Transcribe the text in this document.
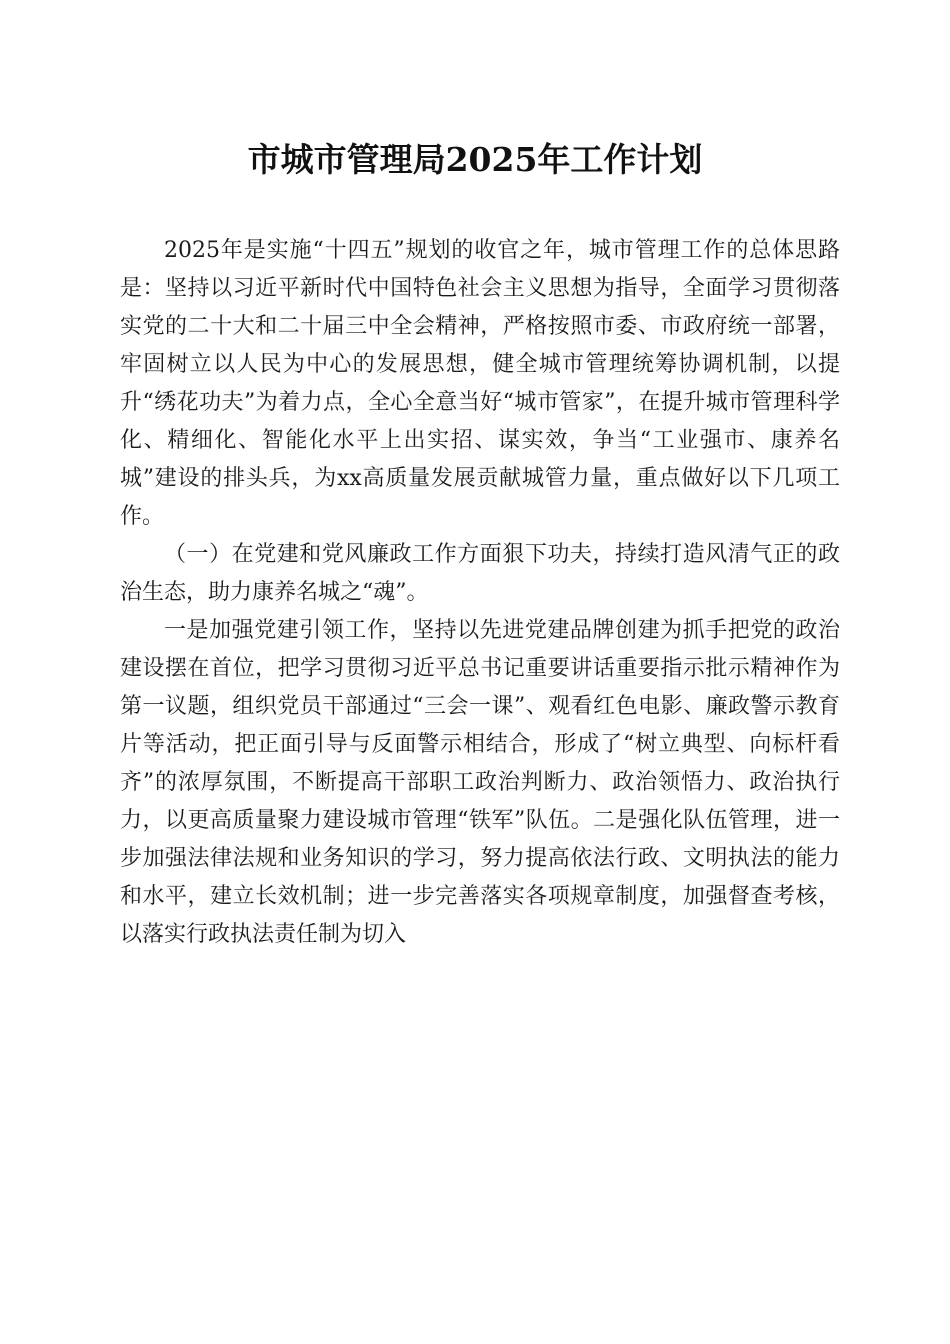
市城市管理局2025年工作计划

2025年是实施“十四五”规划的收官之年，城市管理工作的总体思路是：坚持以习近平新时代中国特色社会主义思想为指导，全面学习贯彻落实党的二十大和二十届三中全会精神，严格按照市委、市政府统一部署，牢固树立以人民为中心的发展思想，健全城市管理统筹协调机制，以提升“绣花功夫”为着力点，全心全意当好“城市管家”，在提升城市管理科学化、精细化、智能化水平上出实招、谋实效，争当“工业强市、康养名城”建设的排头兵，为xx高质量发展贡献城管力量，重点做好以下几项工作。

（一）在党建和党风廉政工作方面狠下功夫，持续打造风清气正的政治生态，助力康养名城之“魂”。

一是加强党建引领工作，坚持以先进党建品牌创建为抓手把党的政治建设摆在首位，把学习贯彻习近平总书记重要讲话重要指示批示精神作为第一议题，组织党员干部通过“三会一课”、观看红色电影、廉政警示教育片等活动，把正面引导与反面警示相结合，形成了“树立典型、向标杆看齐”的浓厚氛围，不断提高干部职工政治判断力、政治领悟力、政治执行力，以更高质量聚力建设城市管理“铁军”队伍。二是强化队伍管理，进一步加强法律法规和业务知识的学习，努力提高依法行政、文明执法的能力和水平，建立长效机制；进一步完善落实各项规章制度，加强督查考核，以落实行政执法责任制为切入
